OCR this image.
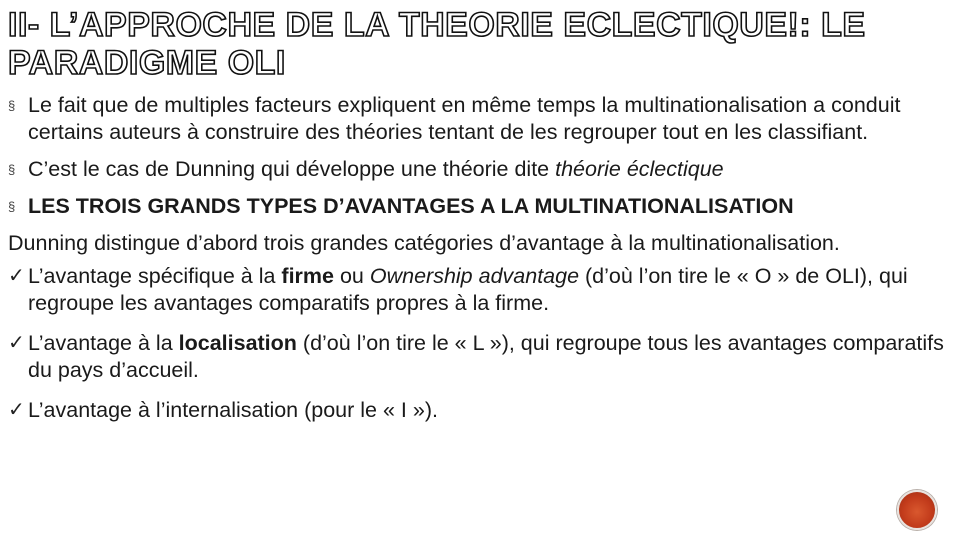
II- L’APPROCHE DE LA THEORIE ECLECTIQUE!: LE PARADIGME OLI
§ Le fait que de multiples facteurs expliquent en même temps la multinationalisation a conduit certains auteurs à construire des théories tentant de les regrouper tout en les classifiant.
§ C’est le cas de Dunning qui développe une théorie dite théorie éclectique
§ LES TROIS GRANDS TYPES D’AVANTAGES A LA MULTINATIONALISATION
Dunning distingue d’abord trois grandes catégories d’avantage à la multinationalisation.
✓ L’avantage spécifique à la firme ou Ownership advantage (d’où l’on tire le « O » de OLI), qui regroupe les avantages comparatifs propres à la firme.
✓ L’avantage à la localisation (d’où l’on tire le « L »), qui regroupe tous les avantages comparatifs du pays d’accueil.
✓ L’avantage à l’internalisation (pour le « I »).
